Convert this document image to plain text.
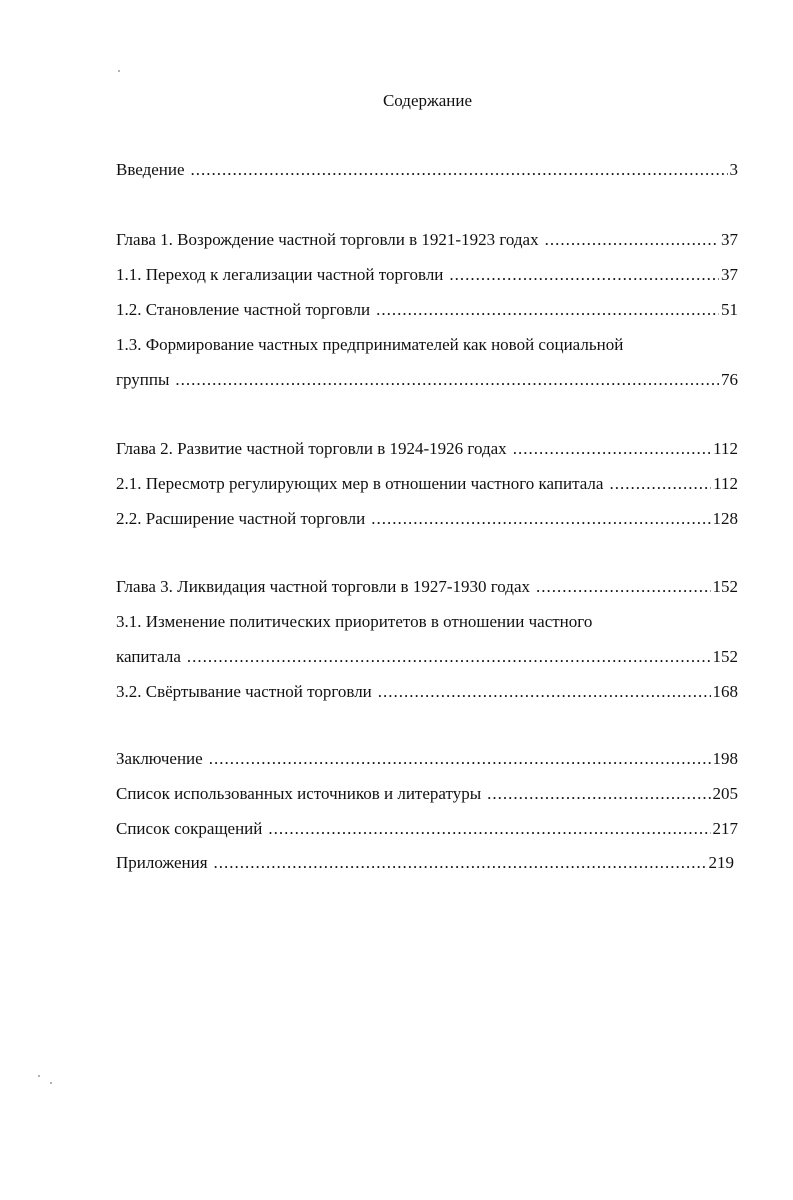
Содержание
Введение .....	3
Глава 1. Возрождение частной торговли в 1921-1923 годах .....	37
1.1. Переход к легализации частной торговли .....	37
1.2. Становление частной торговли .....	51
1.3. Формирование частных предпринимателей как новой социальной
группы .....	76
Глава 2. Развитие частной торговли в 1924-1926 годах .....	112
2.1. Пересмотр регулирующих мер в отношении частного капитала .....	112
2.2. Расширение частной торговли .....	128
Глава 3. Ликвидация частной торговли в 1927-1930 годах .....	152
3.1. Изменение политических приоритетов в отношении частного
капитала .....	152
3.2. Свёртывание частной торговли .....	168
Заключение .....	198
Список использованных источников и литературы .....	205
Список сокращений .....	217
Приложения .....	219
